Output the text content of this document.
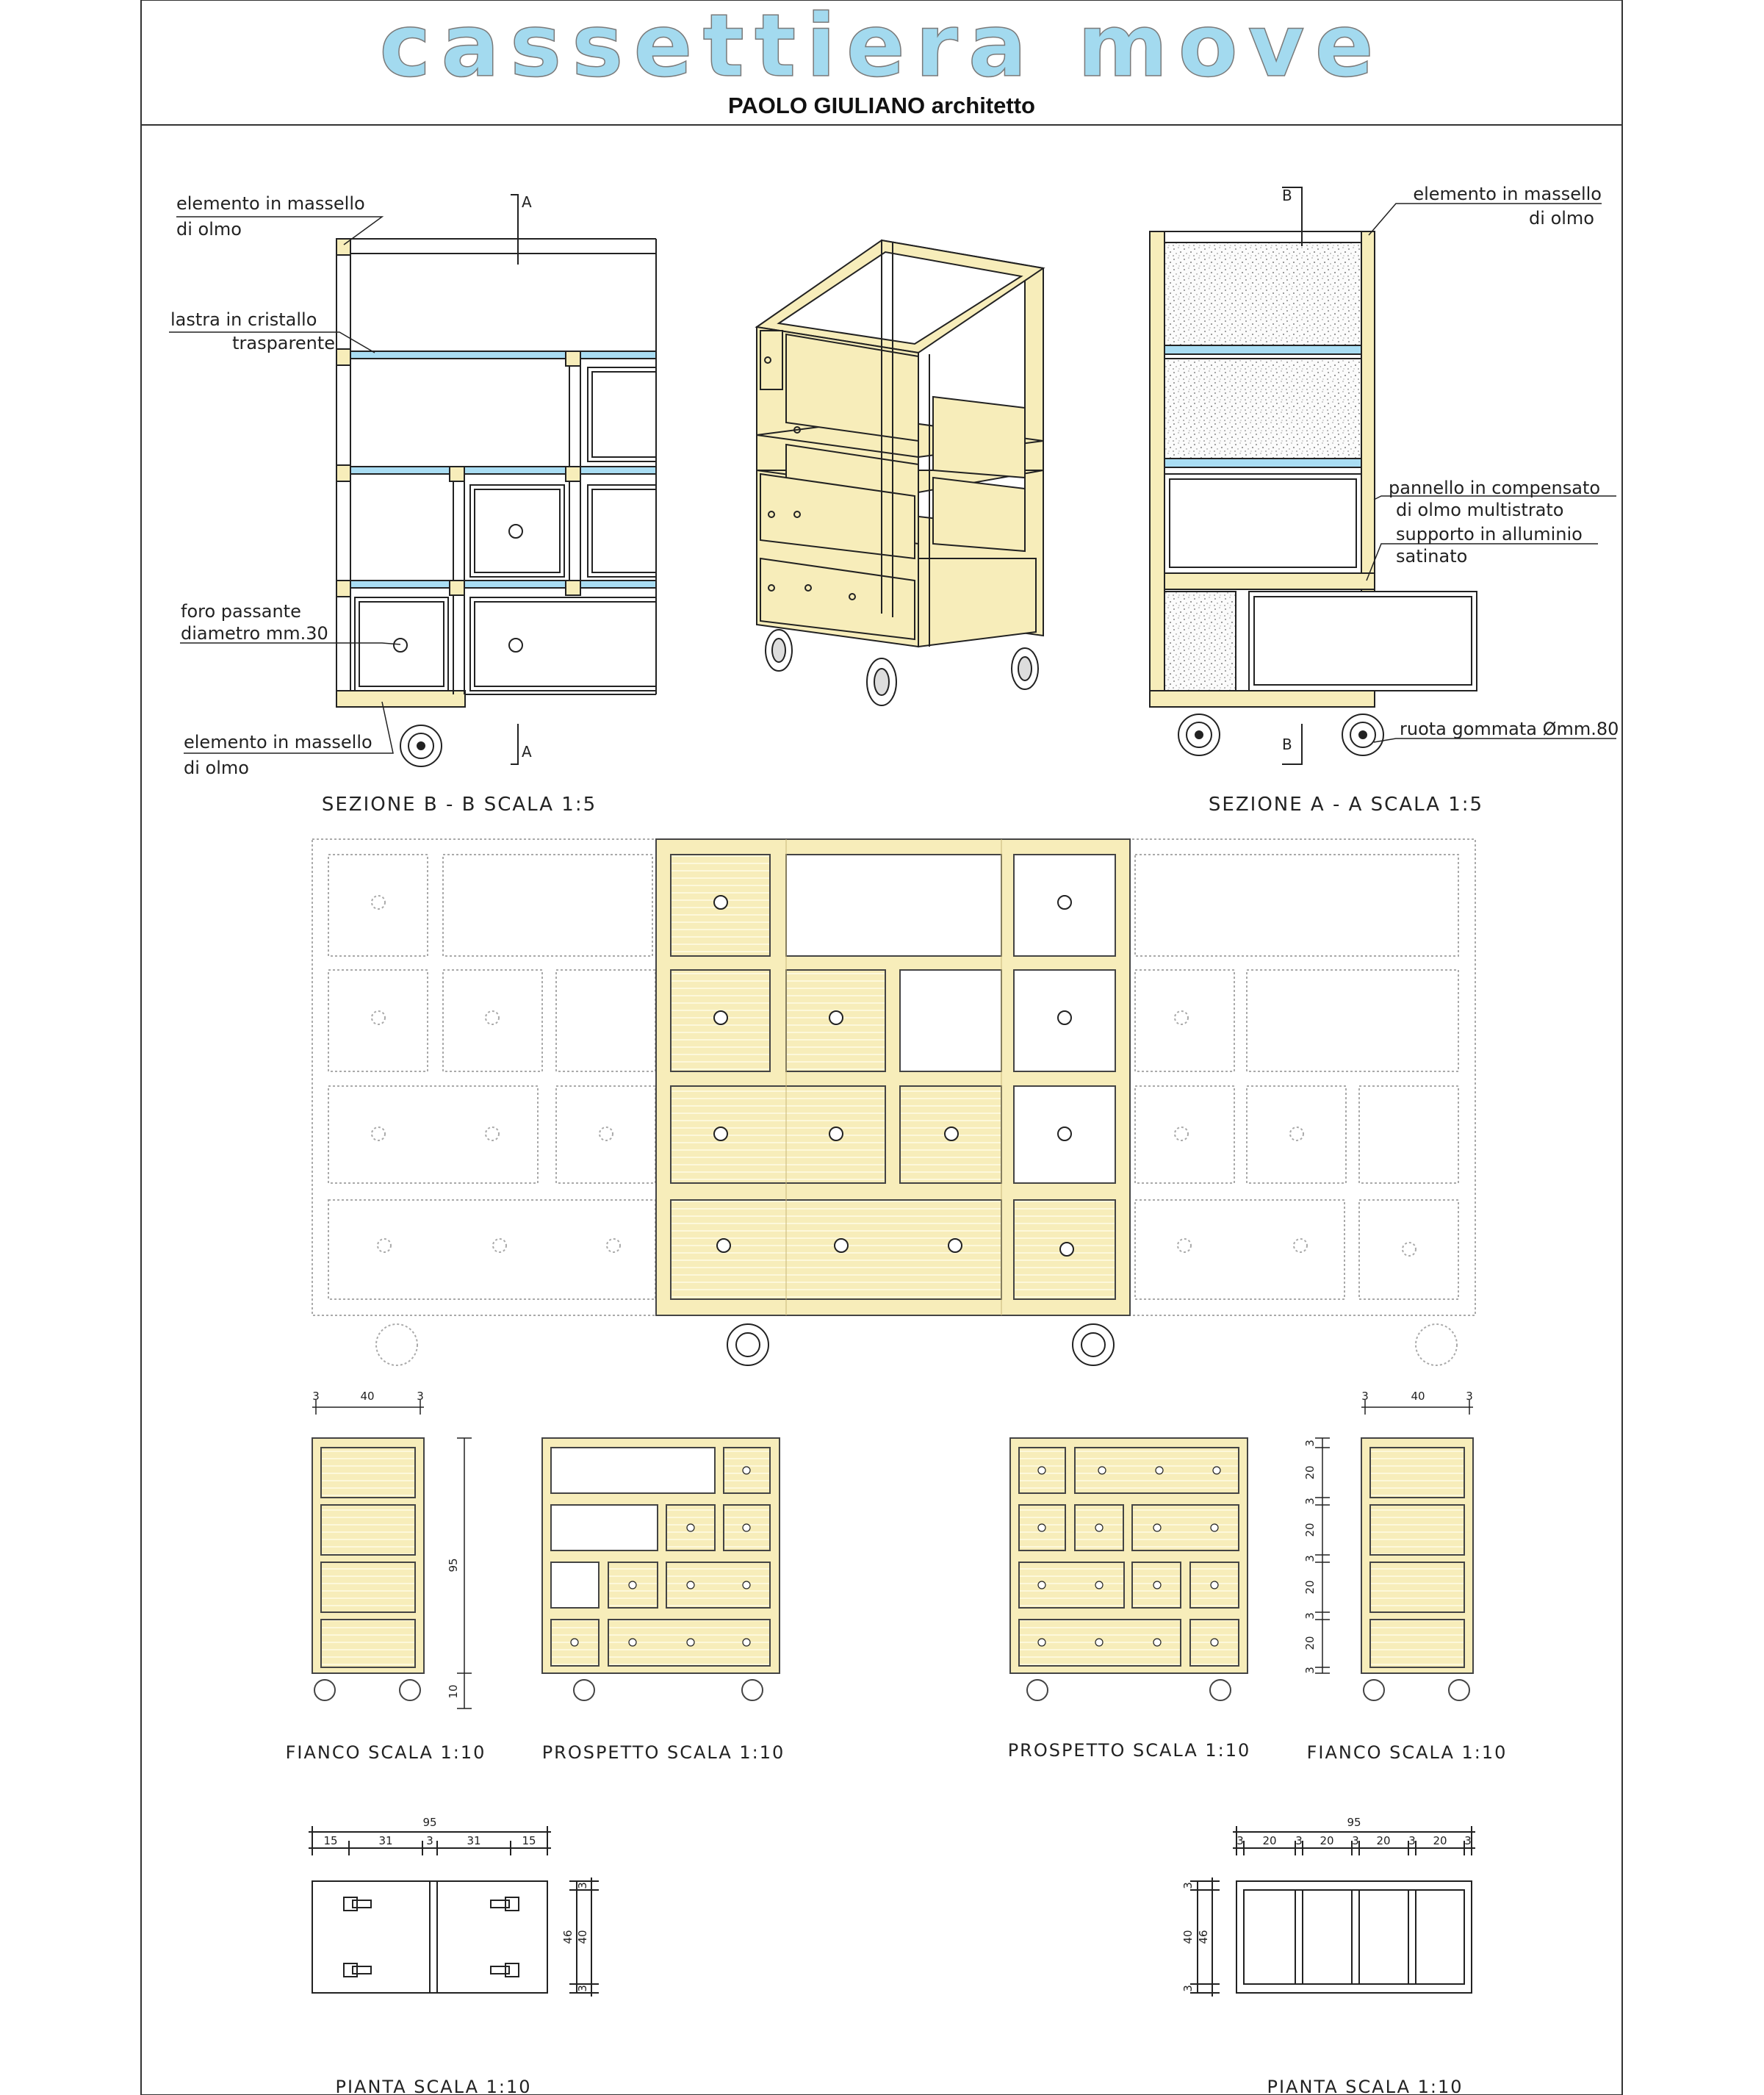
cassettiera move
PAOLO GIULIANO architetto
A
A
elemento in massello
di olmo
lastra in cristallo
trasparente
foro passante
diametro mm.30
elemento in massello
di olmo
SEZIONE B - B SCALA 1:5
B
B
elemento in massello
di olmo
pannello in compensato
di olmo multistrato
supporto in alluminio
satinato
ruota gommata Ømm.80
SEZIONE A - A SCALA 1:5
3	40	3
95
10
FIANCO SCALA 1:10	PROSPETTO SCALA 1:10	PROSPETTO SCALA 1:10
3	40	3
3
20
3
20
3
20
3
20
3
FIANCO SCALA 1:10
95
15	31	3	31	15
3
40
3
46
PIANTA SCALA 1:10
95
3 20 3 20 3 20 3 20 3
3
40
3
46
PIANTA SCALA 1:10
